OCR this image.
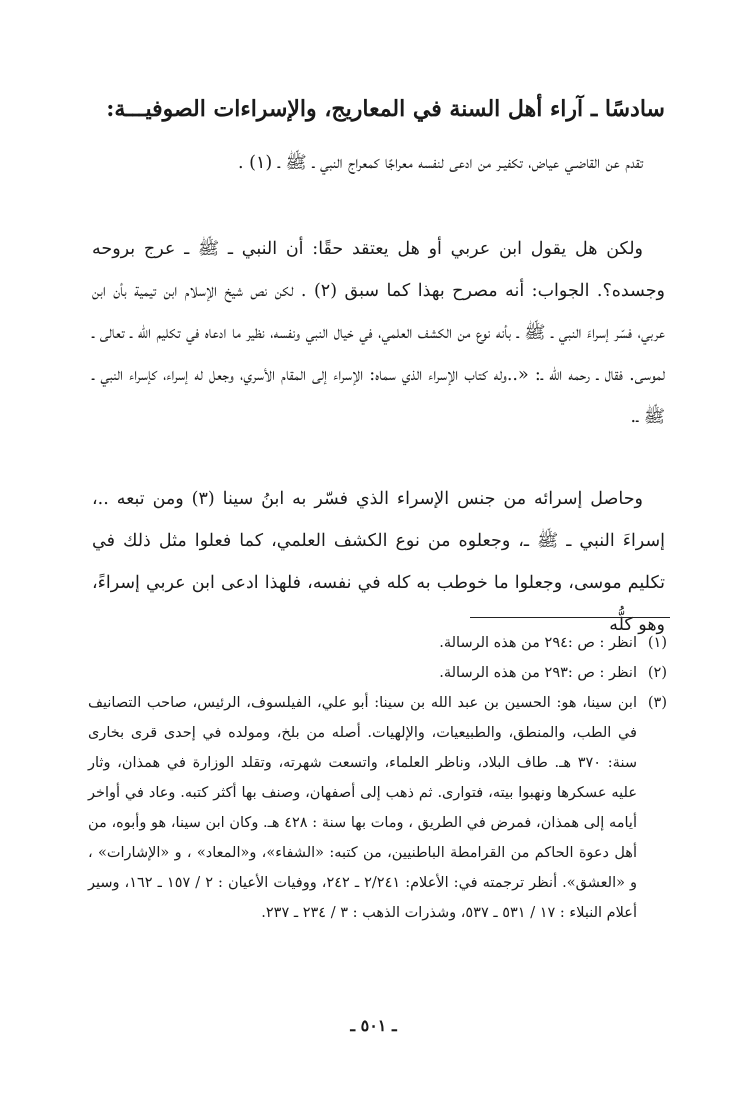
سادسًا ـ آراء أهل السنة في المعاريج، والإسراءات الصوفيـــة:
تقدم عن القاضـي عياض، تكفيـر من ادعى لنفسه معراجًا كمعراج النبي ـ ﷺ ـ (١) .
ولكن هل يقول ابن عربي أو هل يعتقد حقًا: أن النبي ـ ﷺ ـ عرج بروحه وجسده؟. الجواب: أنه مصرح بهذا كما سبق (٢) . لكن نص شيخ الإسلام ابن تيمية بأن ابن عربي، فسّر إسراءَ النبي ـ ﷺ ـ بأنه نوع من الكشف العلمي، في خيال النبي ونفسه، نظير ما ادعاه في تكليم الله ـ تعالى ـ لموسى. فقال ـ رحمه الله ـ: «..وله كتاب الإسراء الذي سماه: الإسراء إلى المقام الأسري، وجعل له إسراء، كإسراء النبي ـ ﷺ ـ.
وحاصل إسرائه من جنس الإسراء الذي فسّر به ابنُ سينا (٣) ومن تبعه ..، إسراءَ النبي ـ ﷺ ـ، وجعلوه من نوع الكشف العلمي، كما فعلوا مثل ذلك في تكليم موسى، وجعلوا ما خوطب به كله في نفسه، فلهذا ادعى ابن عربي إسراءً، وهو كلُّه
(١)
انظر : ص :٢٩٤ من هذه الرسالة.
(٢)
انظر : ص :٢٩٣ من هذه الرسالة.
(٣)
ابن سينا، هو: الحسين بن عبد الله بن سينا: أبو علي، الفيلسوف، الرئيس، صاحب التصانيف في الطب، والمنطق، والطبيعيات، والإلهيات. أصله من بلخ، ومولده في إحدى قرى بخارى سنة: ٣٧٠ هـ. طاف البلاد، وناظر العلماء، واتسعت شهرته، وتقلد الوزارة في همذان، وثار عليه عسكرها ونهبوا بيته، فتوارى. ثم ذهب إلى أصفهان، وصنف بها أكثر كتبه. وعاد في أواخر أيامه إلى همذان، فمرض في الطريق ، ومات بها سنة : ٤٢٨ هـ. وكان ابن سينا، هو وأبوه، من أهل دعوة الحاكم من القرامطة الباطنيين، من كتبه: «الشفاء»، و«المعاد» ، و «الإشارات» ، و «العشق». أنظر ترجمته في: الأعلام: ٢/٢٤١ ـ ٢٤٢، ووفيات الأعيان : ٢ / ١٥٧ ـ ١٦٢، وسير أعلام النبلاء : ١٧ / ٥٣١ ـ ٥٣٧، وشذرات الذهب : ٣ / ٢٣٤ ـ ٢٣٧.
ـ ٥٠١ ـ
